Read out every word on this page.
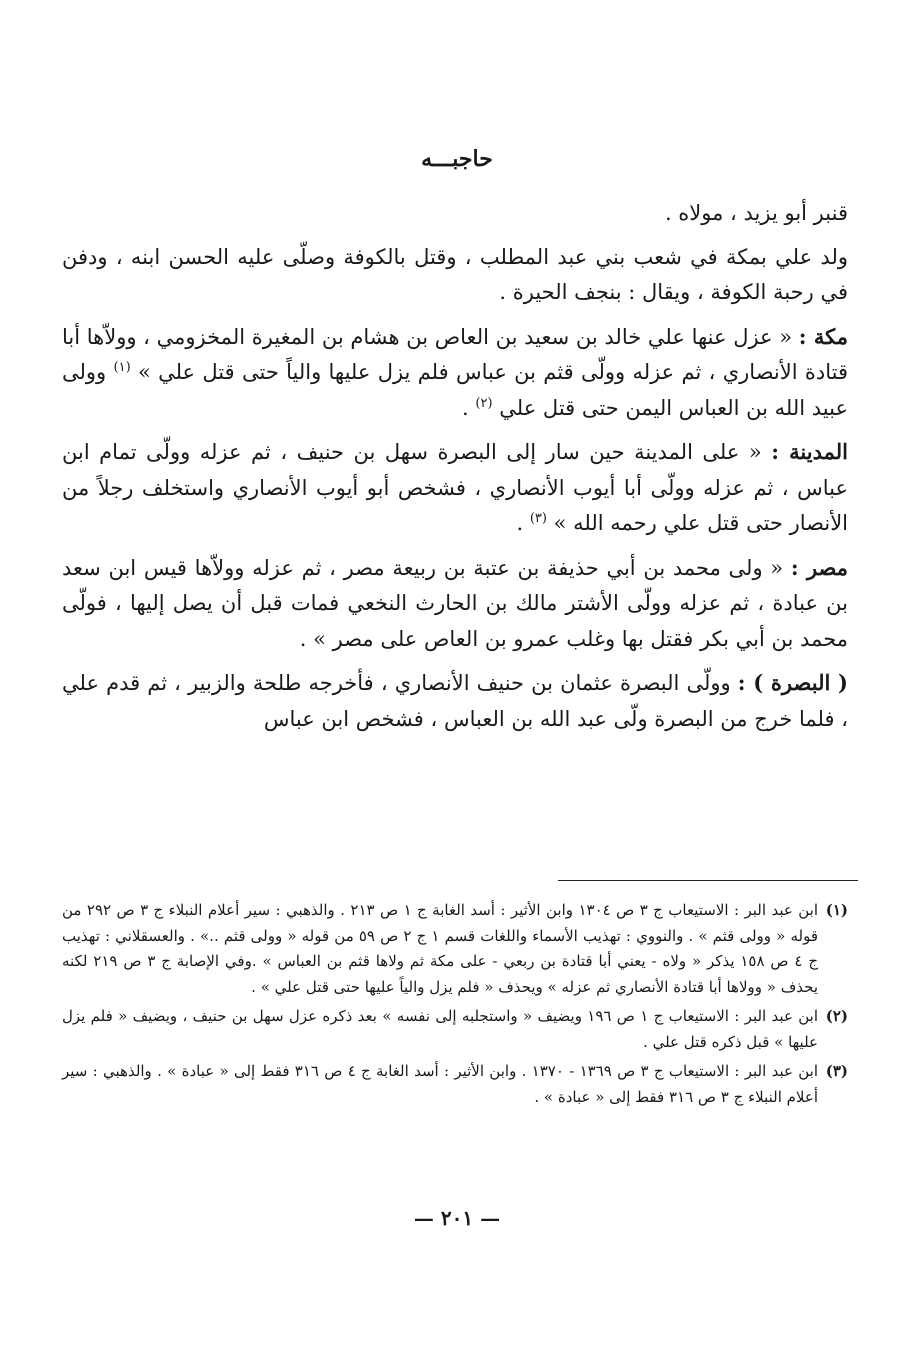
حاجبـــه

قنبر أبو يزيد ، مولاه .

ولد علي بمكة في شعب بني عبد المطلب ، وقتل بالكوفة وصلّى عليه الحسن ابنه ، ودفن في رحبة الكوفة ، ويقال : بنجف الحيرة .

مكة : « عزل عنها علي خالد بن سعيد بن العاص بن هشام بن المغيرة المخزومي ، وولاّها أبا قتادة الأنصاري ، ثم عزله وولّى قثم بن عباس فلم يزل عليها والياً حتى قتل علي » $^{(١)}$ وولى عبيد الله بن العباس اليمن حتى قتل علي $^{(٢)}$ .

المدينة : « على المدينة حين سار إلى البصرة سهل بن حنيف ، ثم عزله وولّى تمام ابن عباس ، ثم عزله وولّى أبا أيوب الأنصاري ، فشخص أبو أيوب الأنصاري واستخلف رجلاً من الأنصار حتى قتل علي رحمه الله » $^{(٣)}$ .

مصر : « ولى محمد بن أبي حذيفة بن عتبة بن ربيعة مصر ، ثم عزله وولاّها قيس ابن سعد بن عبادة ، ثم عزله وولّى الأشتر مالك بن الحارث النخعي فمات قبل أن يصل إليها ، فولّى محمد بن أبي بكر فقتل بها وغلب عمرو بن العاص على مصر » .

( البصرة ) : وولّى البصرة عثمان بن حنيف الأنصاري ، فأخرجه طلحة والزبير ، ثم قدم علي ، فلما خرج من البصرة ولّى عبد الله بن العباس ، فشخص ابن عباس

(١)
ابن عبد البر : الاستيعاب ج ٣ ص ١٣٠٤ وابن الأثير : أسد الغابة ج ١ ص ٢١٣ . والذهبي : سير أعلام النبلاء ج ٣ ص ٢٩٢ من قوله « وولى قثم » . والنووي : تهذيب الأسماء واللغات قسم ١ ج ٢ ص ٥٩ من قوله « وولى قثم ..» . والعسقلاني : تهذيب ج ٤ ص ١٥٨ يذكر « ولاه - يعني أبا قتادة بن ربعي - على مكة ثم ولاها قثم بن العباس » .وفي الإصابة ج ٣ ص ٢١٩ لكنه يحذف « وولاها أبا قتادة الأنصاري ثم عزله » ويحذف « فلم يزل والياً عليها حتى قتل علي » .
(٢)
ابن عبد البر : الاستيعاب ج ١ ص ١٩٦ ويضيف « واستجلبه إلى نفسه » بعد ذكره عزل سهل بن حنيف ، ويضيف « فلم يزل عليها » قبل ذكره قتل علي .
(٣)
ابن عبد البر : الاستيعاب ج ٣ ص ١٣٦٩ - ١٣٧٠ . وابن الأثير : أسد الغابة ج ٤ ص ٣١٦ فقط إلى « عبادة » . والذهبي : سير أعلام النبلاء ج ٣ ص ٣١٦ فقط إلى « عبادة » .
— ٢٠١ —
